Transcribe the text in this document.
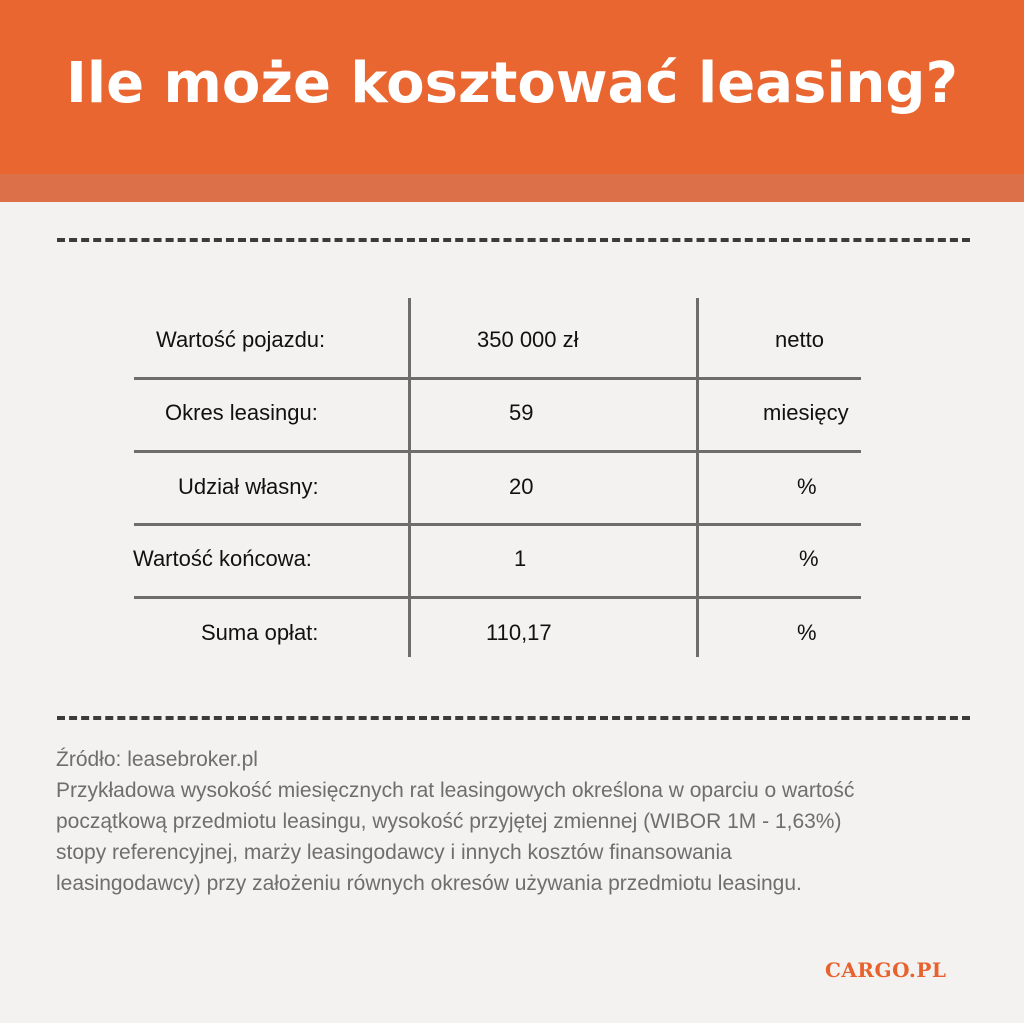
Ile może kosztować leasing?
Wartość pojazdu:	350 000 zł	netto
Okres leasingu:	59	miesięcy
Udział własny:	20	%
Wartość końcowa:	1	%
Suma opłat:	110,17	%

Źródło: leasebroker.pl

Przykładowa wysokość miesięcznych rat leasingowych określona w oparciu o wartość

początkową przedmiotu leasingu, wysokość przyjętej zmiennej (WIBOR 1M - 1,63%)

stopy referencyjnej, marży leasingodawcy i innych kosztów finansowania

leasingodawcy) przy założeniu równych okresów używania przedmiotu leasingu.

CARGO.PL
